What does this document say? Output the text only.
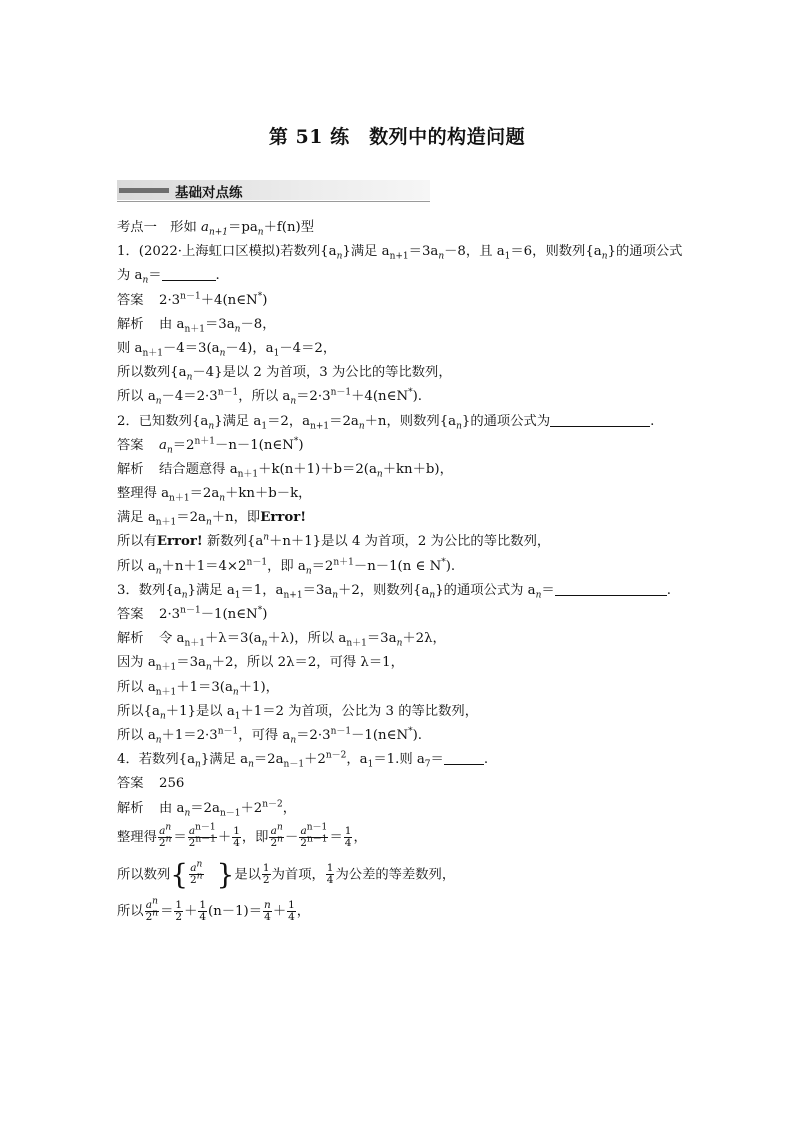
第 51 练　数列中的构造问题
基础对点练
考点一　形如 $a_{n+1}=pa_n+f(n)$型
1．(2022·上海虹口区模拟)若数列$\{a_n\}$满足 $a_{n+1}=3a_n-8$，且 $a_1=6$，则数列$\{a_n\}$的通项公式
为 $a_n=$	.
答案 $2\cdot 3^{n-1}+4(n\in N^*)$
解析 由 $a_{n+1}=3a_n-8$，
则 $a_{n+1}-4=3(a_n-4)$，$a_1-4=2$，
所以数列$\{a_n-4\}$是以 2 为首项，3 为公比的等比数列，
所以 $a_n-4=2\cdot 3^{n-1}$，所以 $a_n=2\cdot 3^{n-1}+4(n\in N^*)$.
2．已知数列$\{a_n\}$满足 $a_1=2$，$a_{n+1}=2a_n+n$，则数列$\{a_n\}$的通项公式为	.
答案 $a_n=2^{n+1}-n-1(n\in N^*)$
解析 结合题意得 $a_{n+1}+k(n+1)+b=2(a_n+kn+b)$，
整理得 $a_{n+1}=2a_n+kn+b-k$，
满足 $a_{n+1}=2a_n+n$，即Error!
所以有Error! 新数列$\{a^n+n+1\}$是以 4 为首项，2 为公比的等比数列，
所以 $a_n+n+1=4\times 2^{n-1}$，即 $a_n=2^{n+1}-n-1(n$ ∈ N*).
3．数列$\{a_n\}$满足 $a_1=1$，$a_{n+1}=3a_n+2$，则数列$\{a_n\}$的通项公式为 $a_n=$	.
答案 $2\cdot 3^{n-1}-1(n\in N^*)$
解析 令 $a_{n+1}+\lambda=3(a_n+\lambda)$，所以 $a_{n+1}=3a_n+2\lambda$，
因为 $a_{n+1}=3a_n+2$，所以 2λ＝2，可得 λ＝1，
所以 $a_{n+1}+1=3(a_n+1)$，
所以$\{a_n+1\}$是以 $a_1+1=2$ 为首项，公比为 3 的等比数列，
所以 $a_n+1=2\cdot 3^{n-1}$，可得 $a_n=2\cdot 3^{n-1}-1(n\in N^*)$.
4．若数列$\{a_n\}$满足 $a_n=2a_{n-1}+2^{n-2}$，$a_1=1$.则 $a_7=$	.
答案 256
解析 由 $a_n=2a_{n-1}+2^{n-2}$，
整理得 $\frac{a^n}{2^n} = \frac{a^{n-1}}{2^{n-1}} + \frac{1}{4}$ ，即 $\frac{a^n}{2^n} - \frac{a^{n-1}}{2^{n-1}} = \frac{1}{4}$ ，
所以数列{ $\frac{a^n}{2^n}$ }是以 $\frac{1}{2}$ 为首项， $\frac{1}{4}$ 为公差的等差数列，
所以 $\frac{a^n}{2^n} = \frac{1}{2} + \frac{1}{4} (n-1)= \frac{n}{4} + \frac{1}{4}$ ，
